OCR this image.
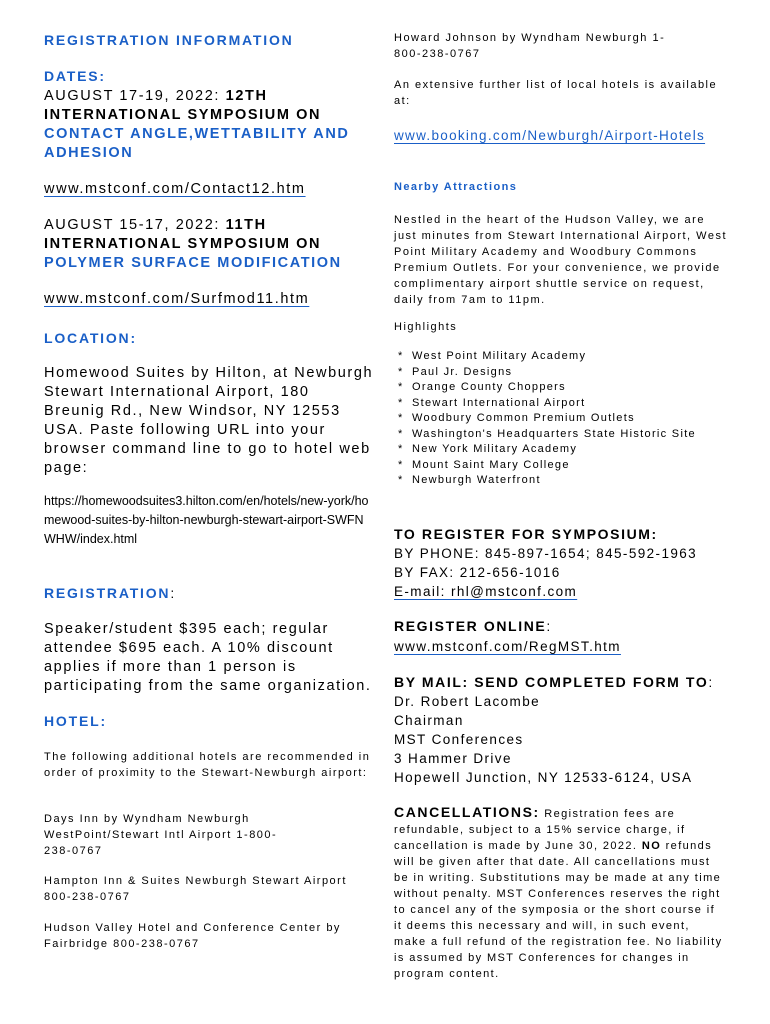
REGISTRATION INFORMATION
DATES:
AUGUST 17-19, 2022: 12TH
INTERNATIONAL SYMPOSIUM ON
CONTACT ANGLE,WETTABILITY AND ADHESION
www.mstconf.com/Contact12.htm
AUGUST 15-17, 2022: 11TH
INTERNATIONAL SYMPOSIUM ON
POLYMER SURFACE MODIFICATION
www.mstconf.com/Surfmod11.htm
LOCATION:
Homewood Suites by Hilton, at Newburgh Stewart International Airport, 180 Breunig Rd., New Windsor, NY 12553 USA. Paste following URL into your browser command line to go to hotel web page:
https://homewoodsuites3.hilton.com/en/hotels/new-york/homewood-suites-by-hilton-newburgh-stewart-airport-SWFNWHW/index.html
REGISTRATION:
Speaker/student $395 each; regular attendee $695 each. A 10% discount applies if more than 1 person is participating from the same organization.
HOTEL:
The following additional hotels are recommended in order of proximity to the Stewart-Newburgh airport:
Days Inn by Wyndham Newburgh WestPoint/Stewart Intl Airport 1-800-238-0767
Hampton Inn & Suites Newburgh Stewart Airport 800-238-0767
Hudson Valley Hotel and Conference Center by Fairbridge 800-238-0767
Howard Johnson by Wyndham Newburgh 1-800-238-0767
An extensive further list of local hotels is available at:
www.booking.com/Newburgh/Airport-Hotels
Nearby Attractions
Nestled in the heart of the Hudson Valley, we are just minutes from Stewart International Airport, West Point Military Academy and Woodbury Commons Premium Outlets. For your convenience, we provide complimentary airport shuttle service on request, daily from 7am to 11pm.
Highlights
* West Point Military Academy
* Paul Jr. Designs
* Orange County Choppers
* Stewart International Airport
* Woodbury Common Premium Outlets
* Washington's Headquarters State Historic Site
* New York Military Academy
* Mount Saint Mary College
* Newburgh Waterfront
TO REGISTER FOR SYMPOSIUM:
BY PHONE: 845-897-1654; 845-592-1963
BY FAX: 212-656-1016
E-mail: rhl@mstconf.com
REGISTER ONLINE:
www.mstconf.com/RegMST.htm
BY MAIL: SEND COMPLETED FORM TO:
Dr. Robert Lacombe
Chairman
MST Conferences
3 Hammer Drive
Hopewell Junction, NY 12533-6124, USA
CANCELLATIONS: Registration fees are refundable, subject to a 15% service charge, if cancellation is made by June 30, 2022. NO refunds will be given after that date. All cancellations must be in writing. Substitutions may be made at any time without penalty. MST Conferences reserves the right to cancel any of the symposia or the short course if it deems this necessary and will, in such event, make a full refund of the registration fee. No liability is assumed by MST Conferences for changes in program content.
